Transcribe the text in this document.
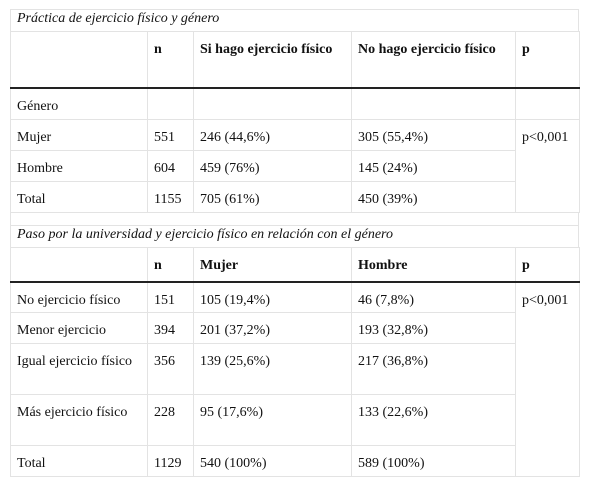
Práctica de ejercicio físico y género
	n	Si hago ejercicio físico	No hago ejercicio físico	p
Género				
Mujer	551	246 (44,6%)	305 (55,4%)	p<0,001
Hombre	604	459 (76%)	145 (24%)	
Total	1155	705 (61%)	450 (39%)	
Paso por la universidad y ejercicio físico en relación con el género
	n	Mujer	Hombre	p
No ejercicio físico	151	105 (19,4%)	46 (7,8%)	p<0,001
Menor ejercicio	394	201 (37,2%)	193 (32,8%)	
Igual ejercicio físico	356	139 (25,6%)	217 (36,8%)	
Más ejercicio físico	228	95 (17,6%)	133 (22,6%)	
Total	1129	540 (100%)	589 (100%)	
